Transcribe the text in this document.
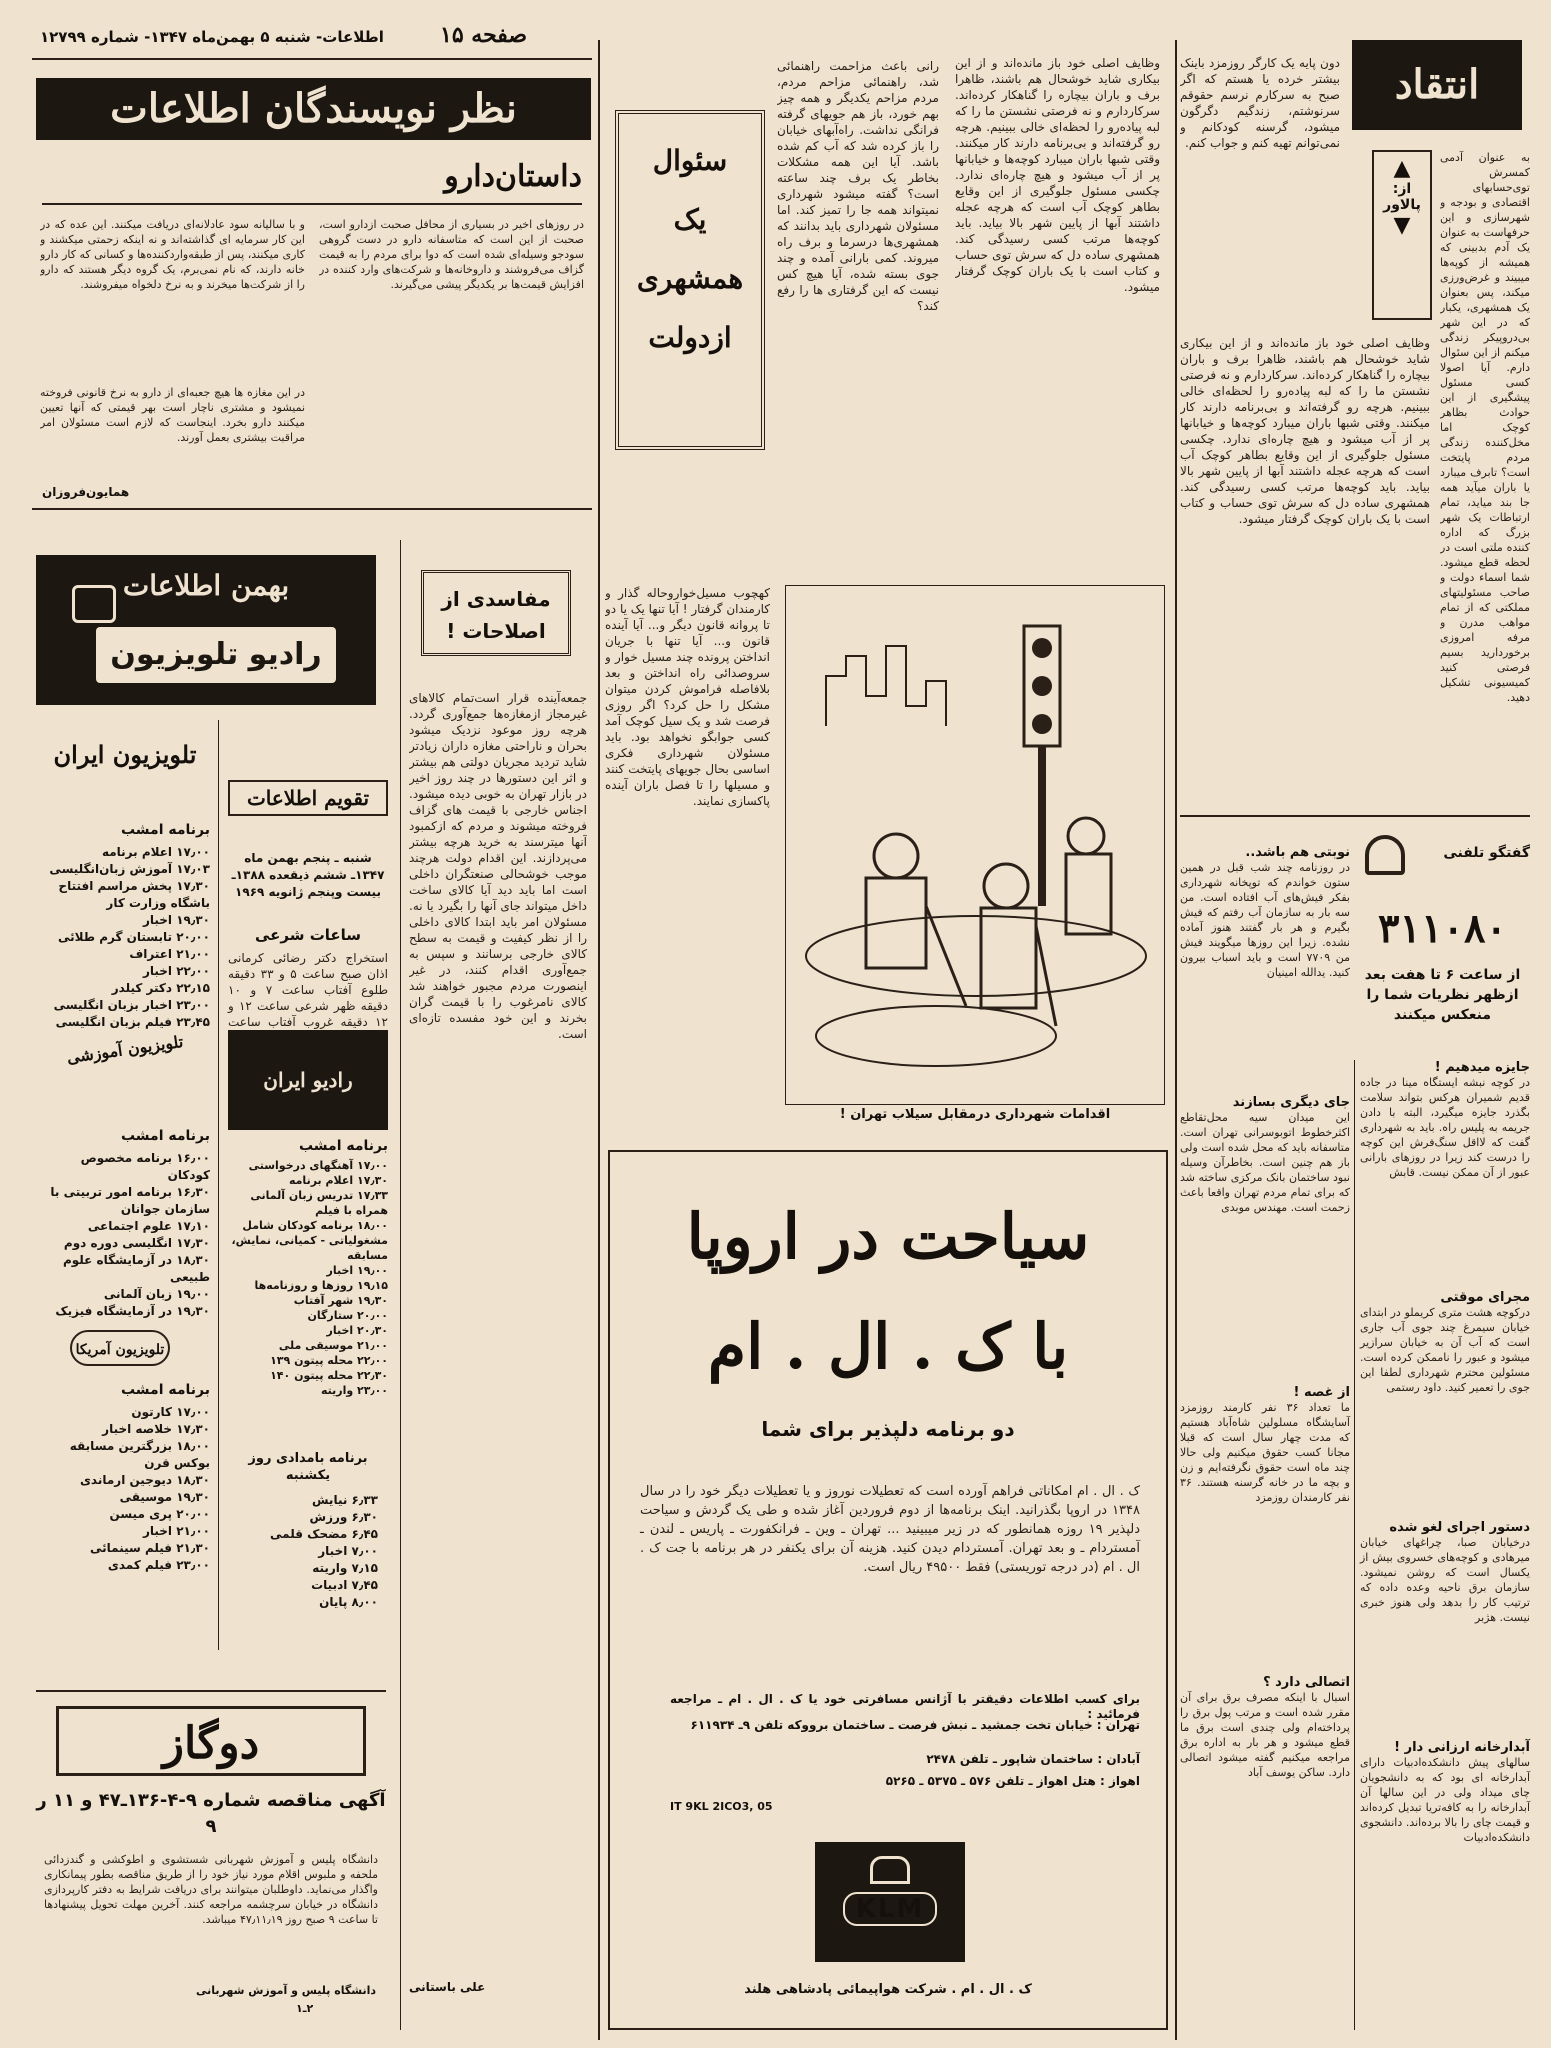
اطلاعات- شنبه ۵ بهمن‌ماه ۱۳۴۷- شماره ۱۲۷۹۹	صفحه ۱۵
نظر نویسندگان اطلاعات
داستان‌دارو
در روزهای اخیر در بسیاری از محافل صحبت ازدارو است، صحبت از این است که متاسفانه دارو در دست گروهی سودجو وسیله‌ای شده است که دوا برای مردم را به قیمت گزاف می‌فروشند و داروخانه‌ها و شرکت‌های وارد کننده در افزایش قیمت‌ها بر یکدیگر پیشی می‌گیرند.
و با سالیانه سود عادلانه‌ای دریافت میکنند. این عده که در این کار سرمایه ای گذاشته‌اند و نه اینکه زحمتی میکشند و کاری میکنند، پس از طبقه‌واردکننده‌ها و کسانی که کار دارو خانه دارند، که نام نمی‌برم، یک گروه دیگر هستند که دارو را از شرکت‌ها میخرند و به نرخ دلخواه میفروشند.
در این مغازه ها هیچ جعبه‌ای از دارو به نرخ قانونی فروخته نمیشود و مشتری ناچار است بهر قیمتی که آنها تعیین میکنند دارو بخرد. اینجاست که لازم است مسئولان امر مراقبت بیشتری بعمل آورند.
همایون‌فروزان
بهمن اطلاعات
رادیو تلویزیون
تلویزیون ایران
برنامه امشب
۱۷٫۰۰ اعلام برنامه
۱۷٫۰۳ آموزش زبان‌انگلیسی
۱۷٫۳۰ پخش مراسم افتتاح باشگاه وزارت کار
۱۹٫۳۰ اخبار
۲۰٫۰۰ تابستان گرم طلائی
۲۱٫۰۰ اعتراف
۲۲٫۰۰ اخبار
۲۲٫۱۵ دکتر کیلدر
۲۳٫۰۰ اخبار بزبان انگلیسی
۲۳٫۴۵ فیلم بزبان انگلیسی
تلویزیون آموزشی
برنامه امشب
۱۶٫۰۰ برنامه مخصوص کودکان
۱۶٫۳۰ برنامه امور تربیتی با سازمان جوانان
۱۷٫۱۰ علوم اجتماعی
۱۷٫۳۰ انگلیسی دوره دوم
۱۸٫۳۰ در آزمایشگاه علوم طبیعی
۱۹٫۰۰ زبان آلمانی
۱۹٫۳۰ در آزمایشگاه فیزیک
تلویزیون آمریکا
برنامه امشب
۱۷٫۰۰ کارتون
۱۷٫۳۰ خلاصه اخبار
۱۸٫۰۰ بزرگترین مسابقه بوکس قرن
۱۸٫۳۰ دیوجین ارماندی
۱۹٫۳۰ موسیقی
۲۰٫۰۰ پری میسن
۲۱٫۰۰ اخبار
۲۱٫۳۰ فیلم سینمائی
۲۳٫۰۰ فیلم کمدی
تقویم اطلاعات
شنبه ـ پنجم بهمن ماه ۱۳۴۷ـ ششم ذیقعده ۱۳۸۸ـ بیست وپنجم ژانویه ۱۹۶۹
ساعات شرعی
استخراج دکتر رضائی کرمانی اذان صبح ساعت ۵ و ۳۳ دقیقه طلوع آفتاب ساعت ۷ و ۱۰ دقیقه ظهر شرعی ساعت ۱۲ و ۱۲ دقیقه غروب آفتاب ساعت
رادیو ایران
برنامه امشب
۱۷٫۰۰ آهنگهای درخواستی
۱۷٫۳۰ اعلام برنامه
۱۷٫۳۳ تدریس زبان آلمانی همراه با فیلم
۱۸٫۰۰ برنامه کودکان شامل مشغولیاتی - کمیانی، نمایش، مسابقه
۱۹٫۰۰ اخبار
۱۹٫۱۵ روزها و روزنامه‌ها
۱۹٫۳۰ شهر آفتاب
۲۰٫۰۰ ستارگان
۲۰٫۳۰ اخبار
۲۱٫۰۰ موسیقی ملی
۲۲٫۰۰ محله پیتون ۱۳۹
۲۲٫۳۰ محله پیتون ۱۴۰
۲۳٫۰۰ واریته
برنامه بامدادی روز یکشنبه
۶٫۳۳ نیایش
۶٫۳۰ ورزش
۶٫۴۵ مضحک قلمی
۷٫۰۰ اخبار
۷٫۱۵ واریته
۷٫۴۵ ادبیات
۸٫۰۰ پایان
دوگاز
آگهی مناقصه شماره ۹-۴-۱۳۶ـ۴۷ و ۱۱ ر ۹
دانشگاه پلیس و آموزش شهربانی شستشوی و اطوکشی و گندزدائی ملحفه و ملبوس اقلام مورد نیاز خود را از طریق مناقصه بطور پیمانکاری واگذار می‌نماید. داوطلبان میتوانند برای دریافت شرایط به دفتر کارپردازی دانشگاه در خیابان سرچشمه مراجعه کنند. آخرین مهلت تحویل پیشنهادها تا ساعت ۹ صبح روز ۴۷٫۱۱٫۱۹ میباشد.
دانشگاه پلیس و آموزش شهربانی
۲ـ۱
مفاسدی از اصلاحات !
جمعه‌آینده قرار است‌تمام کالاهای غیرمجاز ازمغازه‌ها جمع‌آوری گردد. هرچه روز موعود نزدیک میشود بحران و ناراحتی مغازه داران زیادتر شاید تردید مجریان دولتی هم بیشتر و اثر این دستورها در چند روز اخیر در بازار تهران به خوبی دیده میشود. اجناس خارجی با قیمت های گزاف فروخته میشوند و مردم که ازکمبود آنها میترسند به خرید هرچه بیشتر می‌پردازند. این اقدام دولت هرچند موجب خوشحالی صنعتگران داخلی است اما باید دید آیا کالای ساخت داخل میتواند جای آنها را بگیرد یا نه. مسئولان امر باید ابتدا کالای داخلی را از نظر کیفیت و قیمت به سطح کالای خارجی برسانند و سپس به جمع‌آوری اقدام کنند، در غیر اینصورت مردم مجبور خواهند شد کالای نامرغوب را با قیمت گران بخرند و این خود مفسده تازه‌ای است.
علی باستانی
سئوال
یک
همشهری
ازدولت
رانی باعث مزاحمت راهنمائی شد، راهنمائی مزاحم مردم، مردم مزاحم یکدیگر و همه چیز بهم خورد، باز هم جویهای گرفته فرانگی نداشت. راه‌آبهای خیابان را باز کرده شد که آب کم شده باشد. آیا این همه مشکلات بخاطر یک برف چند ساعته است؟ گفته میشود شهرداری نمیتواند همه جا را تمیز کند. اما مسئولان شهرداری باید بدانند که همشهری‌ها درسرما و برف راه میروند. کمی بارانی آمده و چند جوی بسته شده، آیا هیچ کس نیست که این گرفتاری ها را رفع کند؟
وظایف اصلی خود باز مانده‌اند و از این بیکاری شاید خوشحال هم باشند، ظاهرا برف و باران بیچاره را گناهکار کرده‌اند. سرکاردارم و نه فرصتی نشستن ما را که لبه پیاده‌رو را لحظه‌ای خالی ببینیم. هرچه رو گرفته‌اند و بی‌برنامه دارند کار میکنند. وقتی شبها باران میبارد کوچه‌ها و خیابانها پر از آب میشود و هیچ چاره‌ای ندارد. چکسی مسئول جلوگیری از این وقایع بطاهر کوچک آب است که هرچه عجله داشتند آبها از پایین شهر بالا بیاید. باید کوچه‌ها مرتب کسی رسیدگی کند. همشهری ساده دل که سرش توی حساب و کتاب است با یک باران کوچک گرفتار میشود.
کهچوب مسیل‌خواروحاله گذار و کارمندان گرفتار ! آیا تنها یک یا دو تا پروانه قانون دیگر و... آیا آینده قانون و... آیا تنها با جریان انداختن پرونده چند مسیل خوار و سروصدائی راه انداختن و بعد بلافاصله فراموش کردن میتوان مشکل را حل کرد؟ اگر روزی فرصت شد و یک سیل کوچک آمد کسی جوابگو نخواهد بود. باید مسئولان شهرداری فکری اساسی بحال جویهای پایتخت کنند و مسیلها را تا فصل باران آینده پاکسازی نمایند.
اقدامات شهرداری درمقابل سیلاب تهران !
سیاحت در اروپا
با ک . ال . ام
دو برنامه دلپذیر برای شما
ک . ال . ام امکاناتی فراهم آورده است که تعطیلات نوروز و یا تعطیلات دیگر خود را در سال ۱۳۴۸ در اروپا بگذرانید. اینک برنامه‌ها از دوم فروردین آغاز شده و طی یک گردش و سیاحت دلپذیر ۱۹ روزه همانطور که در زیر میبینید ... تهران ـ وین ـ فرانکفورت ـ پاریس ـ لندن ـ آمستردام ـ و بعد تهران. آمستردام دیدن کنید. هزینه آن برای یکنفر در هر برنامه با جت ک . ال . ام (در درجه توریستی) فقط ۴۹۵۰۰ ریال است.
برای کسب اطلاعات دقیقتر با آژانس مسافرتی خود یا ک . ال . ام ـ مراجعه فرمائید :
تهران : خیابان تخت جمشید ـ نبش فرصت ـ ساختمان برووکه تلفن ۹ـ ۶۱۱۹۳۴
آبادان : ساختمان شاپور ـ تلفن ۲۴۷۸
اهواز : هتل اهواز ـ تلفن ۵۷۶ ـ ۵۳۷۵ ـ ۵۲۶۵
IT 9KL 2ICO3, 05
KLM
ک . ال . ام . شرکت هواپیمائی پادشاهی هلند
انتقاد
▲
از:
پالاور
▼
دون پایه یک کارگر روزمزد باینک بیشتر خرده یا هستم که اگر صبح به سرکارم نرسم حقوقم سرنوشتم، زندگیم دگرگون میشود، گرسنه کودکانم و نمی‌توانم تهیه کنم و جواب کنم.
به عنوان آدمی کمسرش توی‌حسابهای اقتصادی و بودجه و شهرسازی و این حرفهاست به عنوان یک آدم بدبینی که همیشه از کوپه‌ها میبیند و غرض‌ورزی میکند، پس بعنوان یک همشهری، یکبار که در این شهر بی‌دروپیکر زندگی میکنم از این سئوال دارم. آیا اصولا کسی مسئول پیشگیری از این حوادث بظاهر کوچک اما مخل‌کننده زندگی مردم پایتخت است؟ تابرف میبارد یا باران میآید همه جا بند میاید، تمام ارتباطات یک شهر بزرگ که اداره کننده ملتی است در لحظه قطع میشود. شما اسماء دولت و صاحب مسئولیتهای مملکتی که از تمام مواهب مدرن و مرفه امروزی برخوردارید بسیم فرصتی کنید کمیسیونی تشکیل دهید.
وظایف اصلی خود باز مانده‌اند و از این بیکاری شاید خوشحال هم باشند، ظاهرا برف و باران بیچاره را گناهکار کرده‌اند. سرکاردارم و نه فرصتی نشستن ما را که لبه پیاده‌رو را لحظه‌ای خالی ببینیم. هرچه رو گرفته‌اند و بی‌برنامه دارند کار میکنند. وقتی شبها باران میبارد کوچه‌ها و خیابانها پر از آب میشود و هیچ چاره‌ای ندارد. چکسی مسئول جلوگیری از این وقایع بطاهر کوچک آب است که هرچه عجله داشتند آبها از پایین شهر بالا بیاید. باید کوچه‌ها مرتب کسی رسیدگی کند. همشهری ساده دل که سرش توی حساب و کتاب است با یک باران کوچک گرفتار میشود.
گفتگو تلفنی
۳۱۱۰۸۰
از ساعت ۶ تا هفت بعد ازظهر نظریات شما را منعکس میکنند
نوبتی هم باشد..
در روزنامه چند شب قبل در همین ستون خواندم که توپخانه شهرداری بفکر فیش‌های آب افتاده است. من سه بار به سازمان آب رفتم که فیش بگیرم و هر بار گفتند هنوز آماده نشده. زیرا این روزها میگویند فیش من ۷۷۰۹ است و باید اسباب بیرون کنید. یدالله امینیان
جای دیگری بسازند
این میدان سیه محل‌تقاطع اکثرخطوط اتوبوسرانی تهران است. متاسفانه باید که محل شده است ولی باز هم چنین است. بخاطرآن وسیله نبود ساختمان بانک مرکزی ساخته شد که برای تمام مردم تهران واقعا باعث زحمت است. مهندس موبدی
از غصه !
ما تعداد ۳۶ نفر کارمند روزمزد آسایشگاه مسلولین شاه‌آباد هستیم که مدت چهار سال است که قبلا مجانا کسب حقوق میکنیم ولی حالا چند ماه است حقوق نگرفته‌ایم و زن و بچه ما در خانه گرسنه هستند. ۳۶ نفر کارمندان روزمزد
اتصالی دارد ؟
اسبال با اینکه مصرف برق برای آن مقرر شده است و مرتب پول برق را پرداخته‌ام ولی چندی است برق ما قطع میشود و هر بار به اداره برق مراجعه میکنیم گفته میشود اتصالی دارد. ساکن یوسف آباد
جایزه میدهیم !
در کوچه نبشه ایستگاه مینا در جاده قدیم شمیران هرکس بتواند سلامت بگذرد جایزه میگیرد، البته با دادن جریمه به پلیس راه. باید به شهرداری گفت که لااقل سنگ‌فرش این کوچه را درست کند زیرا در روزهای بارانی عبور از آن ممکن نیست. قابش
مجرای موقتی
درکوچه هشت متری کریملو در ابتدای خیابان سیمرغ چند جوی آب جاری است که آب آن به خیابان سرازیر میشود و عبور را ناممکن کرده است. مسئولین محترم شهرداری لطفا این جوی را تعمیر کنید. داود رستمی
دستور اجرای لغو شده
درخیابان صبا، چراغهای خیابان میرهادی و کوچه‌های خسروی بیش از یکسال است که روشن نمیشود. سازمان برق ناحیه وعده داده که ترتیب کار را بدهد ولی هنوز خبری نیست. هژبر
آبدارخانه ارزانی دار !
سالهای پیش دانشکده‌ادبیات دارای آبدارخانه ای بود که به دانشجویان چای میداد ولی در این سالها آن آبدارخانه را به کافه‌تریا تبدیل کرده‌اند و قیمت چای را بالا برده‌اند. دانشجوی دانشکده‌ادبیات
